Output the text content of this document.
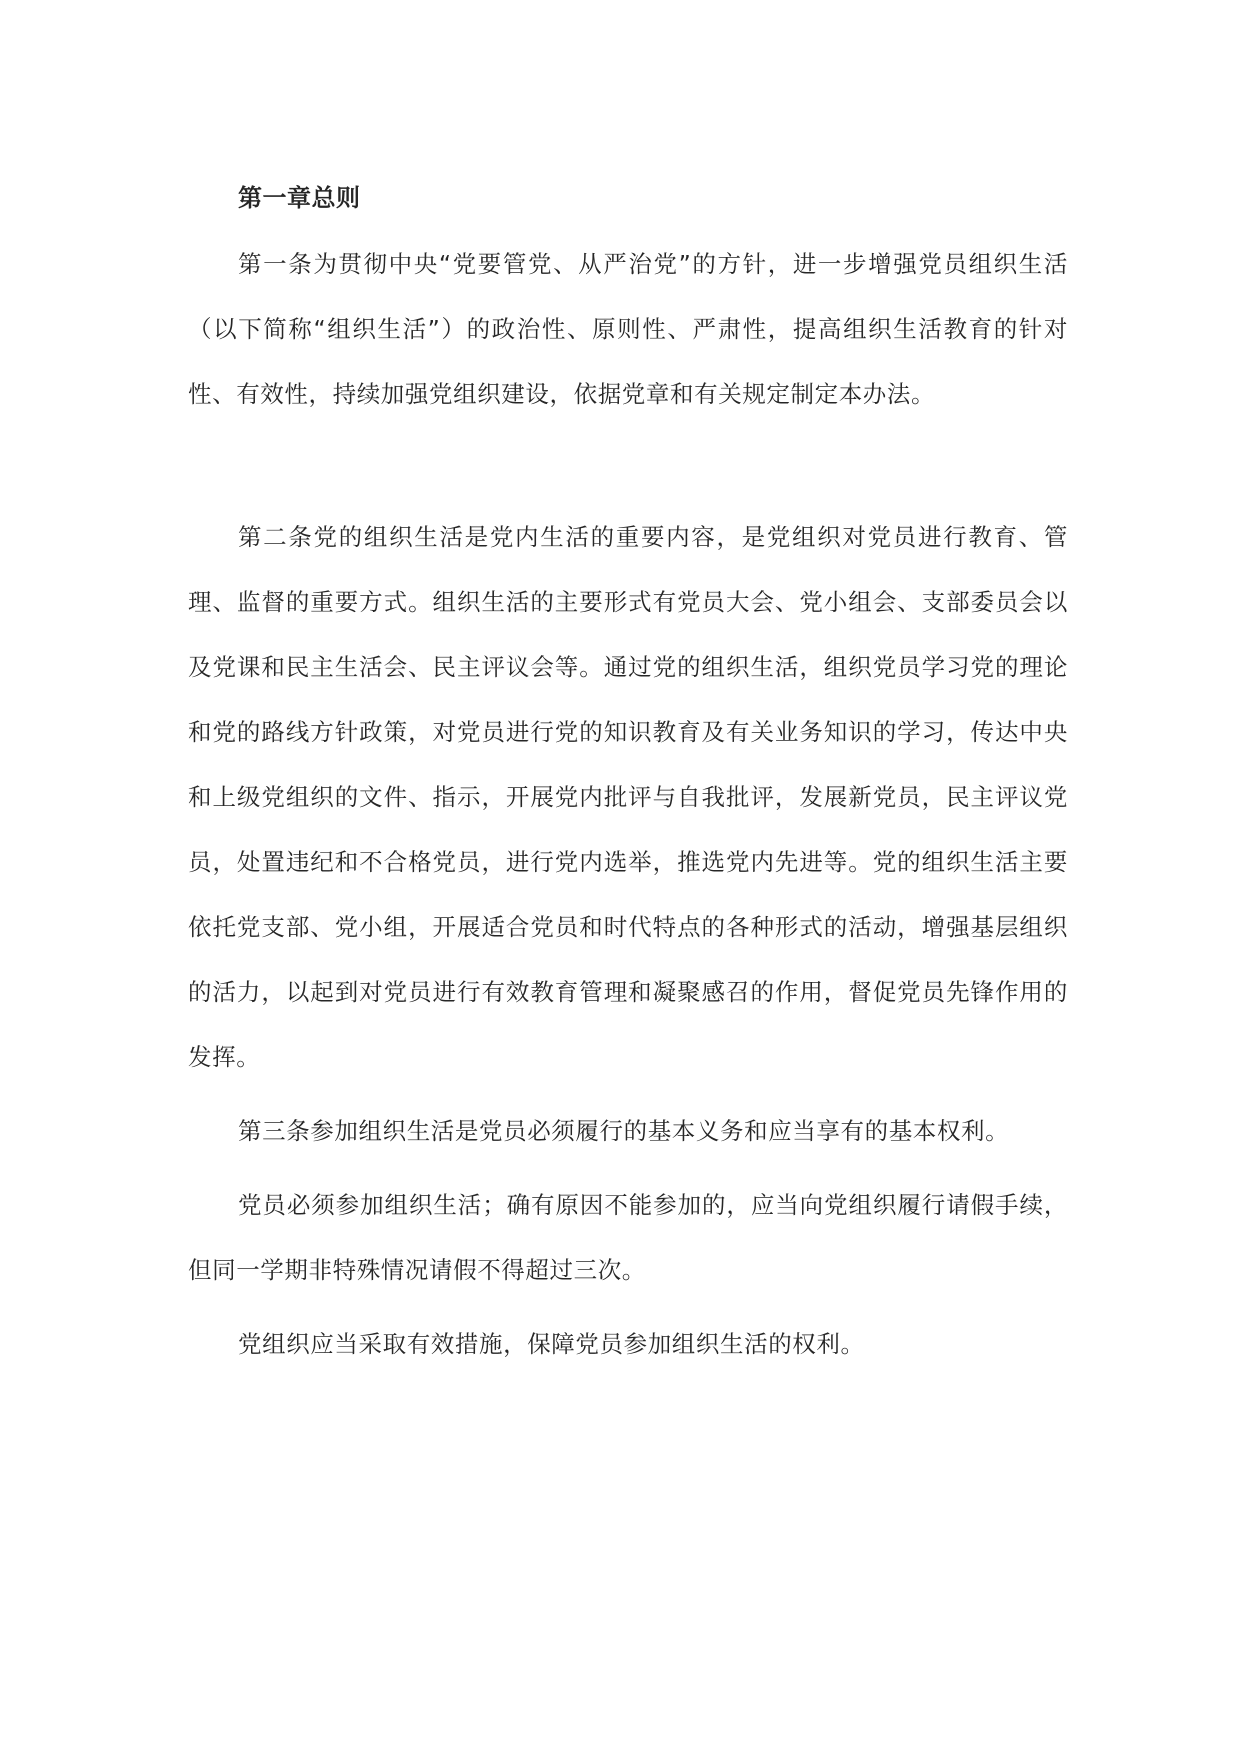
第一章总则

第一条为贯彻中央“党要管党、从严治党”的方针，进一步增强党员组织生活（以下简称“组织生活”）的政治性、原则性、严肃性，提高组织生活教育的针对性、有效性，持续加强党组织建设，依据党章和有关规定制定本办法。

第二条党的组织生活是党内生活的重要内容，是党组织对党员进行教育、管理、监督的重要方式。组织生活的主要形式有党员大会、党小组会、支部委员会以及党课和民主生活会、民主评议会等。通过党的组织生活，组织党员学习党的理论和党的路线方针政策，对党员进行党的知识教育及有关业务知识的学习，传达中央和上级党组织的文件、指示，开展党内批评与自我批评，发展新党员，民主评议党员，处置违纪和不合格党员，进行党内选举，推选党内先进等。党的组织生活主要依托党支部、党小组，开展适合党员和时代特点的各种形式的活动，增强基层组织的活力，以起到对党员进行有效教育管理和凝聚感召的作用，督促党员先锋作用的发挥。

第三条参加组织生活是党员必须履行的基本义务和应当享有的基本权利。

党员必须参加组织生活；确有原因不能参加的，应当向党组织履行请假手续，但同一学期非特殊情况请假不得超过三次。

党组织应当采取有效措施，保障党员参加组织生活的权利。
